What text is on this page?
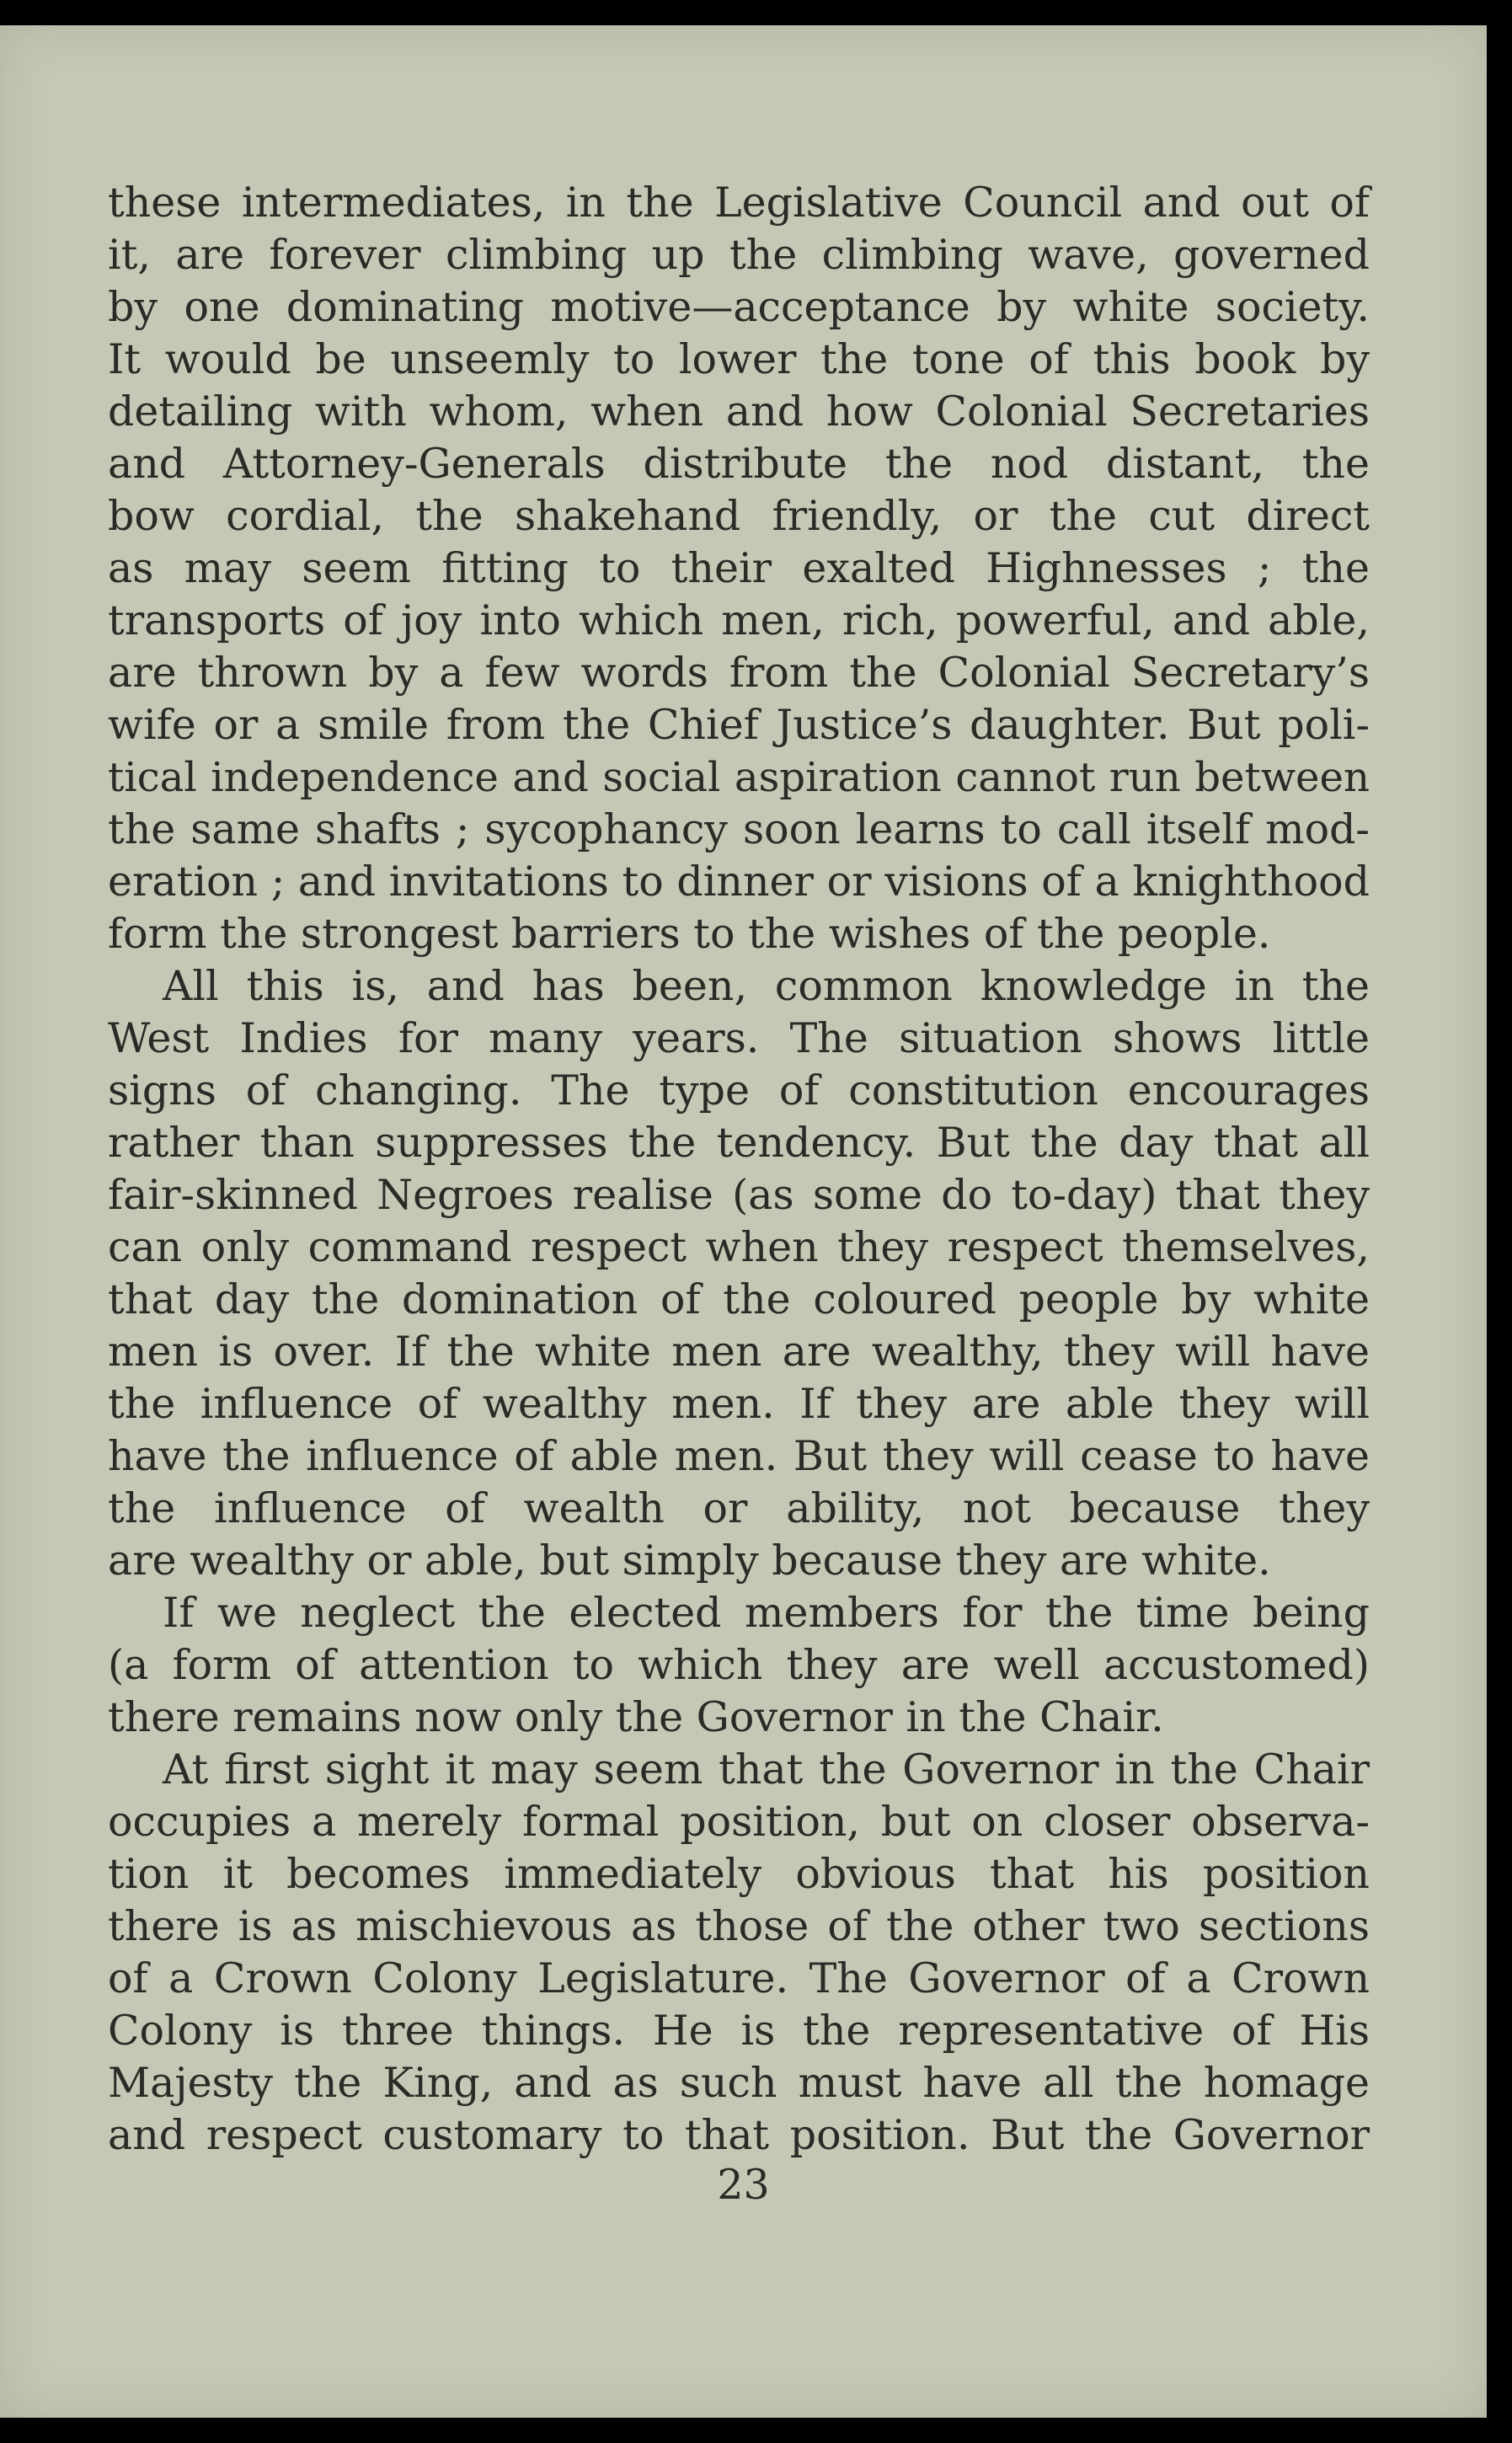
these intermediates, in the Legislative Council and out of
it, are forever climbing up the climbing wave, governed
by one dominating motive—acceptance by white society.
It would be unseemly to lower the tone of this book by
detailing with whom, when and how Colonial Secretaries
and Attorney-Generals distribute the nod distant, the
bow cordial, the shakehand friendly, or the cut direct
as may seem fitting to their exalted Highnesses ; the
transports of joy into which men, rich, powerful, and able,
are thrown by a few words from the Colonial Secretary’s
wife or a smile from the Chief Justice’s daughter. But poli-
tical independence and social aspiration cannot run between
the same shafts ; sycophancy soon learns to call itself mod-
eration ; and invitations to dinner or visions of a knighthood
form the strongest barriers to the wishes of the people.
All this is, and has been, common knowledge in the
West Indies for many years. The situation shows little
signs of changing. The type of constitution encourages
rather than suppresses the tendency. But the day that all
fair-skinned Negroes realise (as some do to-day) that they
can only command respect when they respect themselves,
that day the domination of the coloured people by white
men is over. If the white men are wealthy, they will have
the influence of wealthy men. If they are able they will
have the influence of able men. But they will cease to have
the influence of wealth or ability, not because they
are wealthy or able, but simply because they are white.
If we neglect the elected members for the time being
(a form of attention to which they are well accustomed)
there remains now only the Governor in the Chair.
At first sight it may seem that the Governor in the Chair
occupies a merely formal position, but on closer observa-
tion it becomes immediately obvious that his position
there is as mischievous as those of the other two sections
of a Crown Colony Legislature. The Governor of a Crown
Colony is three things. He is the representative of His
Majesty the King, and as such must have all the homage
and respect customary to that position. But the Governor
23
